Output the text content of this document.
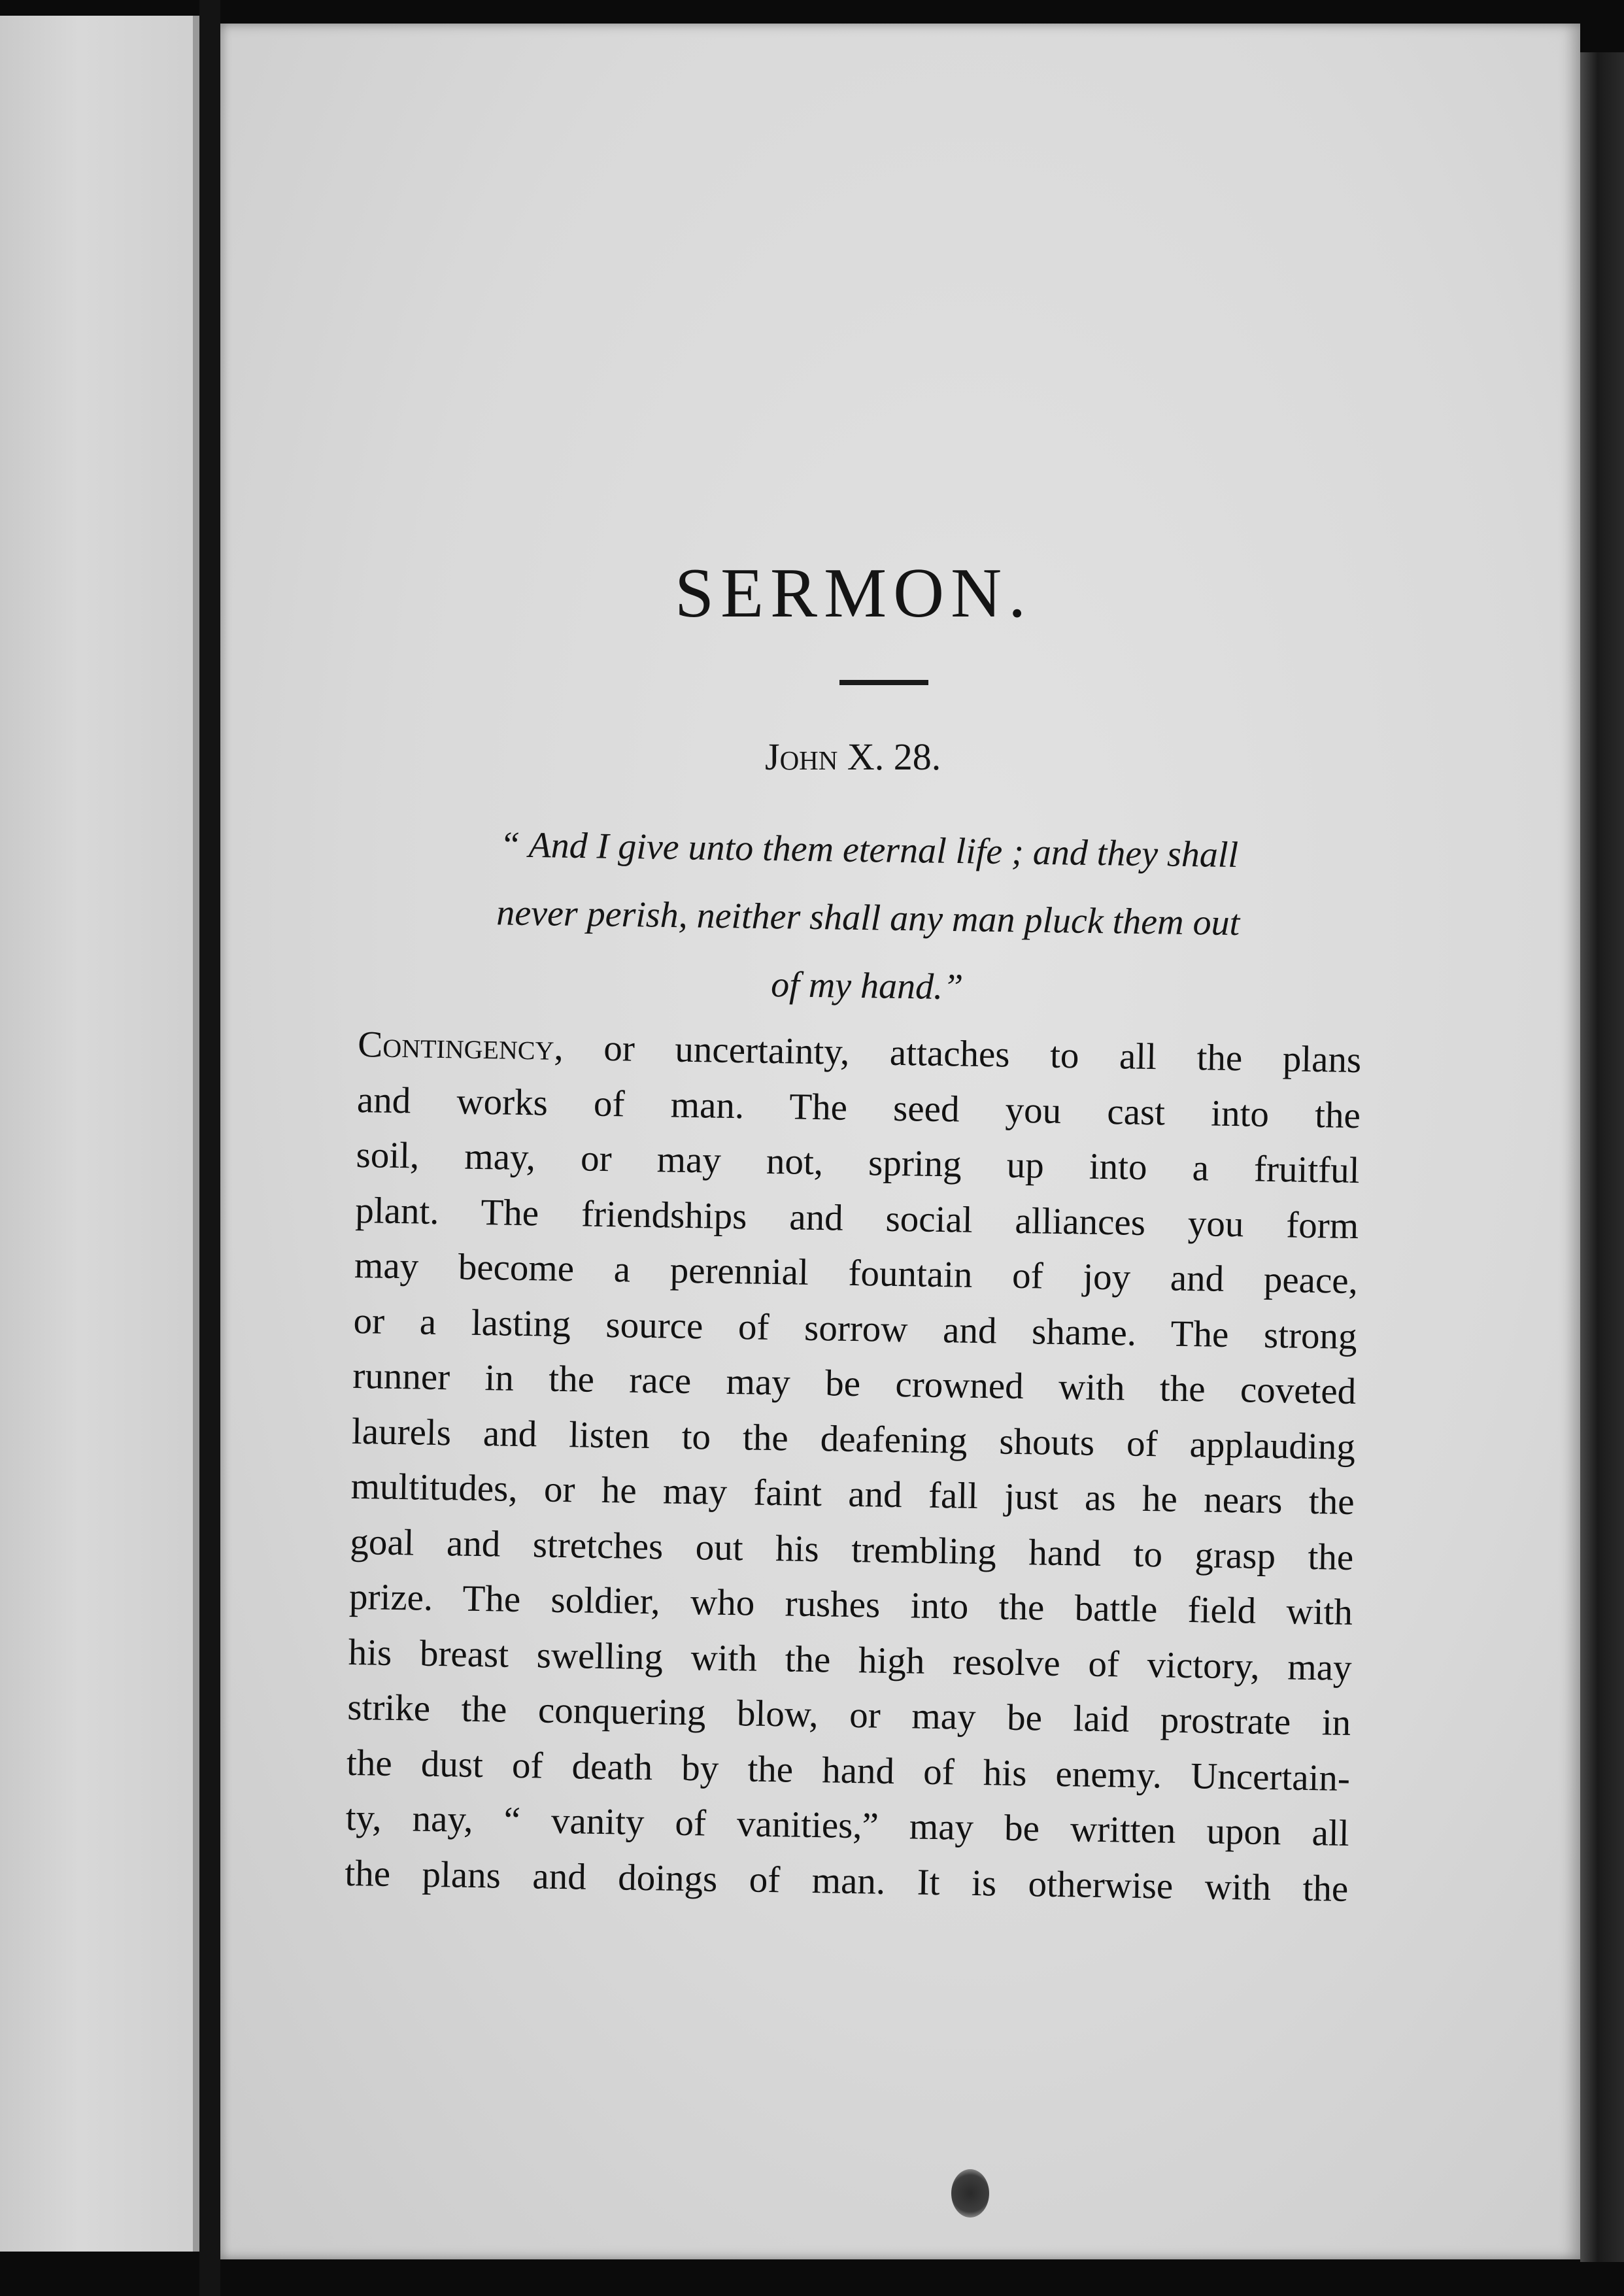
SERMON.
John X. 28.
“ And I give unto them eternal life ; and they shall
never perish, neither shall any man pluck them out
of my hand.”
Contingency, or uncertainty, attaches to all the plans
and works of man. The seed you cast into the
soil, may, or may not, spring up into a fruitful
plant. The friendships and social alliances you form
may become a perennial fountain of joy and peace,
or a lasting source of sorrow and shame. The strong
runner in the race may be crowned with the coveted
laurels and listen to the deafening shouts of applauding
multitudes, or he may faint and fall just as he nears the
goal and stretches out his trembling hand to grasp the
prize. The soldier, who rushes into the battle field with
his breast swelling with the high resolve of victory, may
strike the conquering blow, or may be laid prostrate in
the dust of death by the hand of his enemy. Uncertain-
ty, nay, “ vanity of vanities,” may be written upon all
the plans and doings of man. It is otherwise with the
